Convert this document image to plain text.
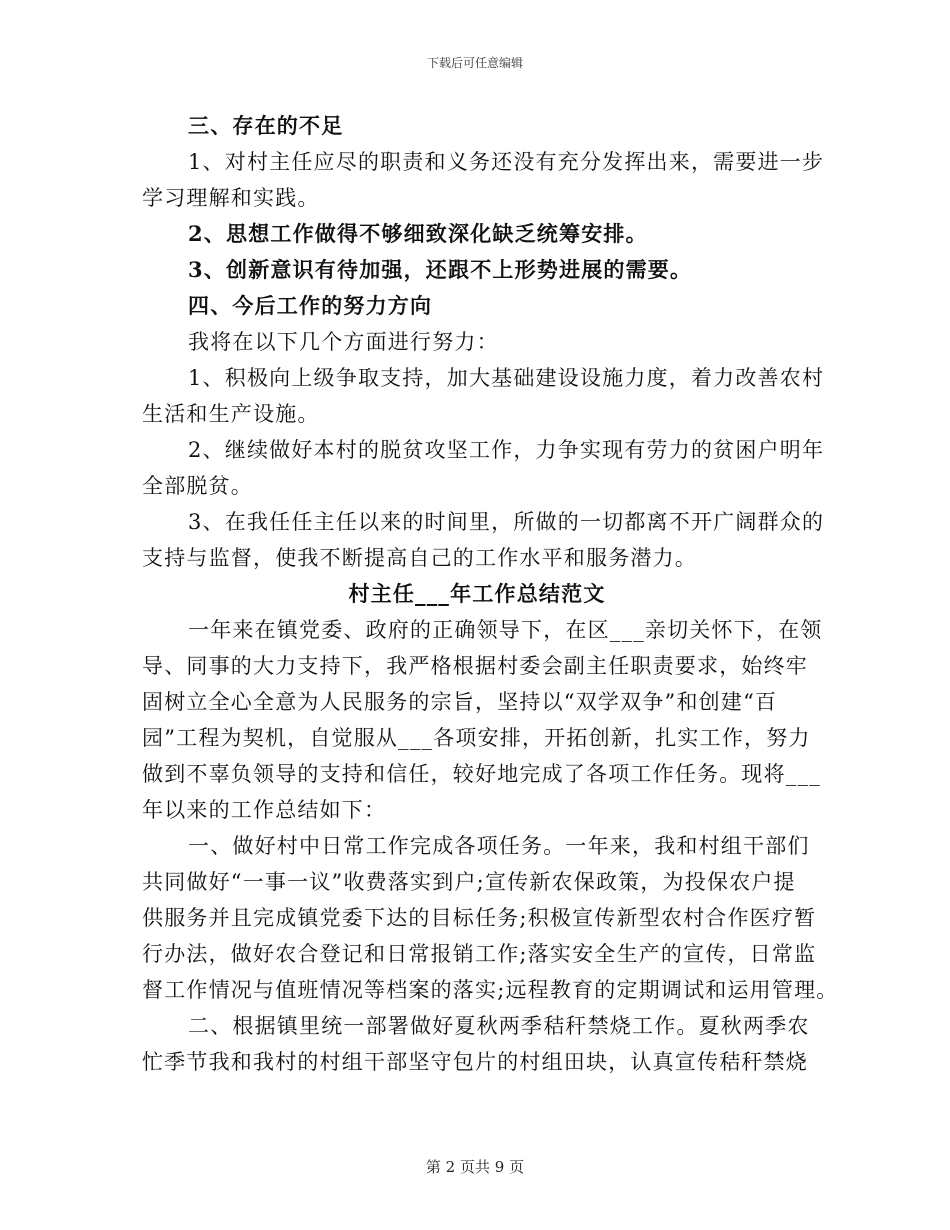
下载后可任意编辑
三、存在的不足
1、对村主任应尽的职责和义务还没有充分发挥出来，需要进一步
学习理解和实践。
2、思想工作做得不够细致深化缺乏统筹安排。
3、创新意识有待加强，还跟不上形势进展的需要。
四、今后工作的努力方向
我将在以下几个方面进行努力：
1、积极向上级争取支持，加大基础建设设施力度，着力改善农村
生活和生产设施。
2、继续做好本村的脱贫攻坚工作，力争实现有劳力的贫困户明年
全部脱贫。
3、在我任任主任以来的时间里，所做的一切都离不开广阔群众的
支持与监督，使我不断提高自己的工作水平和服务潜力。
村主任___年工作总结范文
一年来在镇党委、政府的正确领导下，在区___亲切关怀下，在领
导、同事的大力支持下，我严格根据村委会副主任职责要求，始终牢
固树立全心全意为人民服务的宗旨，坚持以“双学双争”和创建“百
园”工程为契机，自觉服从___各项安排，开拓创新，扎实工作，努力
做到不辜负领导的支持和信任，较好地完成了各项工作任务。现将___
年以来的工作总结如下：
一、做好村中日常工作完成各项任务。一年来，我和村组干部们
共同做好“一事一议”收费落实到户;宣传新农保政策，为投保农户提
供服务并且完成镇党委下达的目标任务;积极宣传新型农村合作医疗暂
行办法，做好农合登记和日常报销工作;落实安全生产的宣传，日常监
督工作情况与值班情况等档案的落实;远程教育的定期调试和运用管理。
二、根据镇里统一部署做好夏秋两季秸秆禁烧工作。夏秋两季农
忙季节我和我村的村组干部坚守包片的村组田块，认真宣传秸秆禁烧
第 2 页共 9 页
